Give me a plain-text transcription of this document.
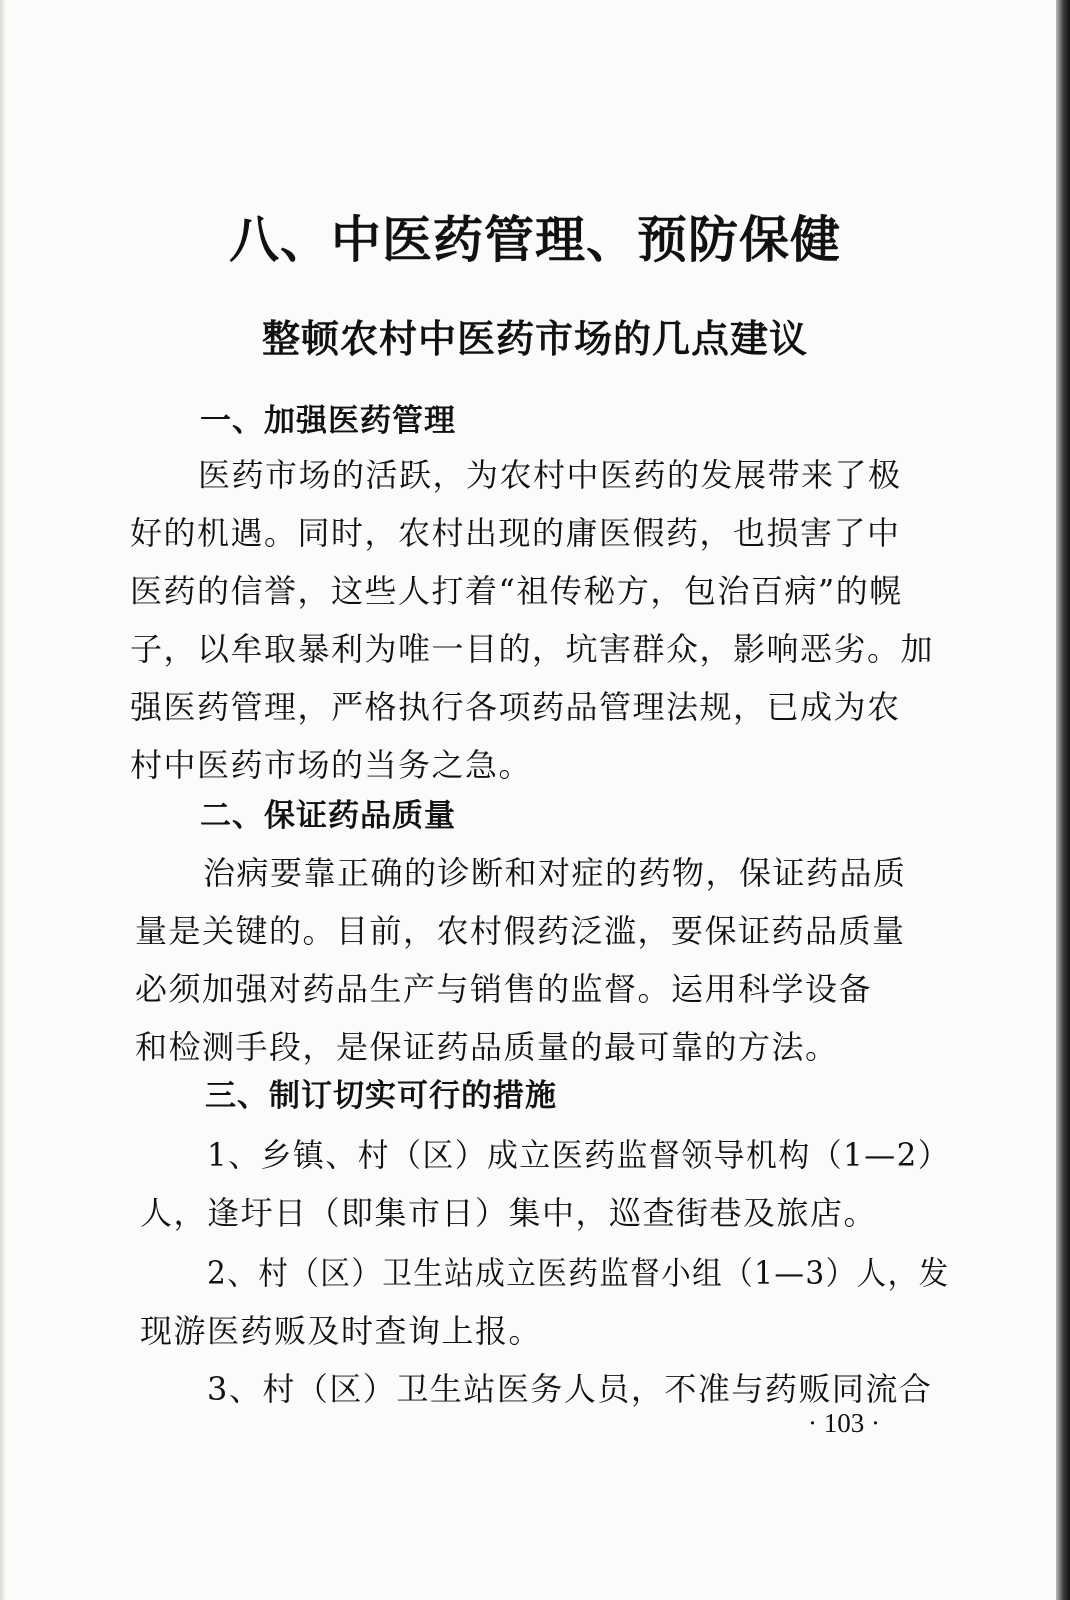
八、中医药管理、预防保健
整顿农村中医药市场的几点建议
一、加强医药管理
医药市场的活跃，为农村中医药的发展带来了极
好的机遇。同时，农村出现的庸医假药，也损害了中
医药的信誉，这些人打着“祖传秘方，包治百病”的幌
子，以牟取暴利为唯一目的，坑害群众，影响恶劣。加
强医药管理，严格执行各项药品管理法规，已成为农
村中医药市场的当务之急。
二、保证药品质量
治病要靠正确的诊断和对症的药物，保证药品质
量是关键的。目前，农村假药泛滥，要保证药品质量
必须加强对药品生产与销售的监督。运用科学设备
和检测手段，是保证药品质量的最可靠的方法。
三、制订切实可行的措施
1、乡镇、村（区）成立医药监督领导机构（1—2）
人，逢圩日（即集市日）集中，巡查街巷及旅店。
2、村（区）卫生站成立医药监督小组（1—3）人，发
现游医药贩及时查询上报。
3、村（区）卫生站医务人员，不准与药贩同流合
· 103 ·
